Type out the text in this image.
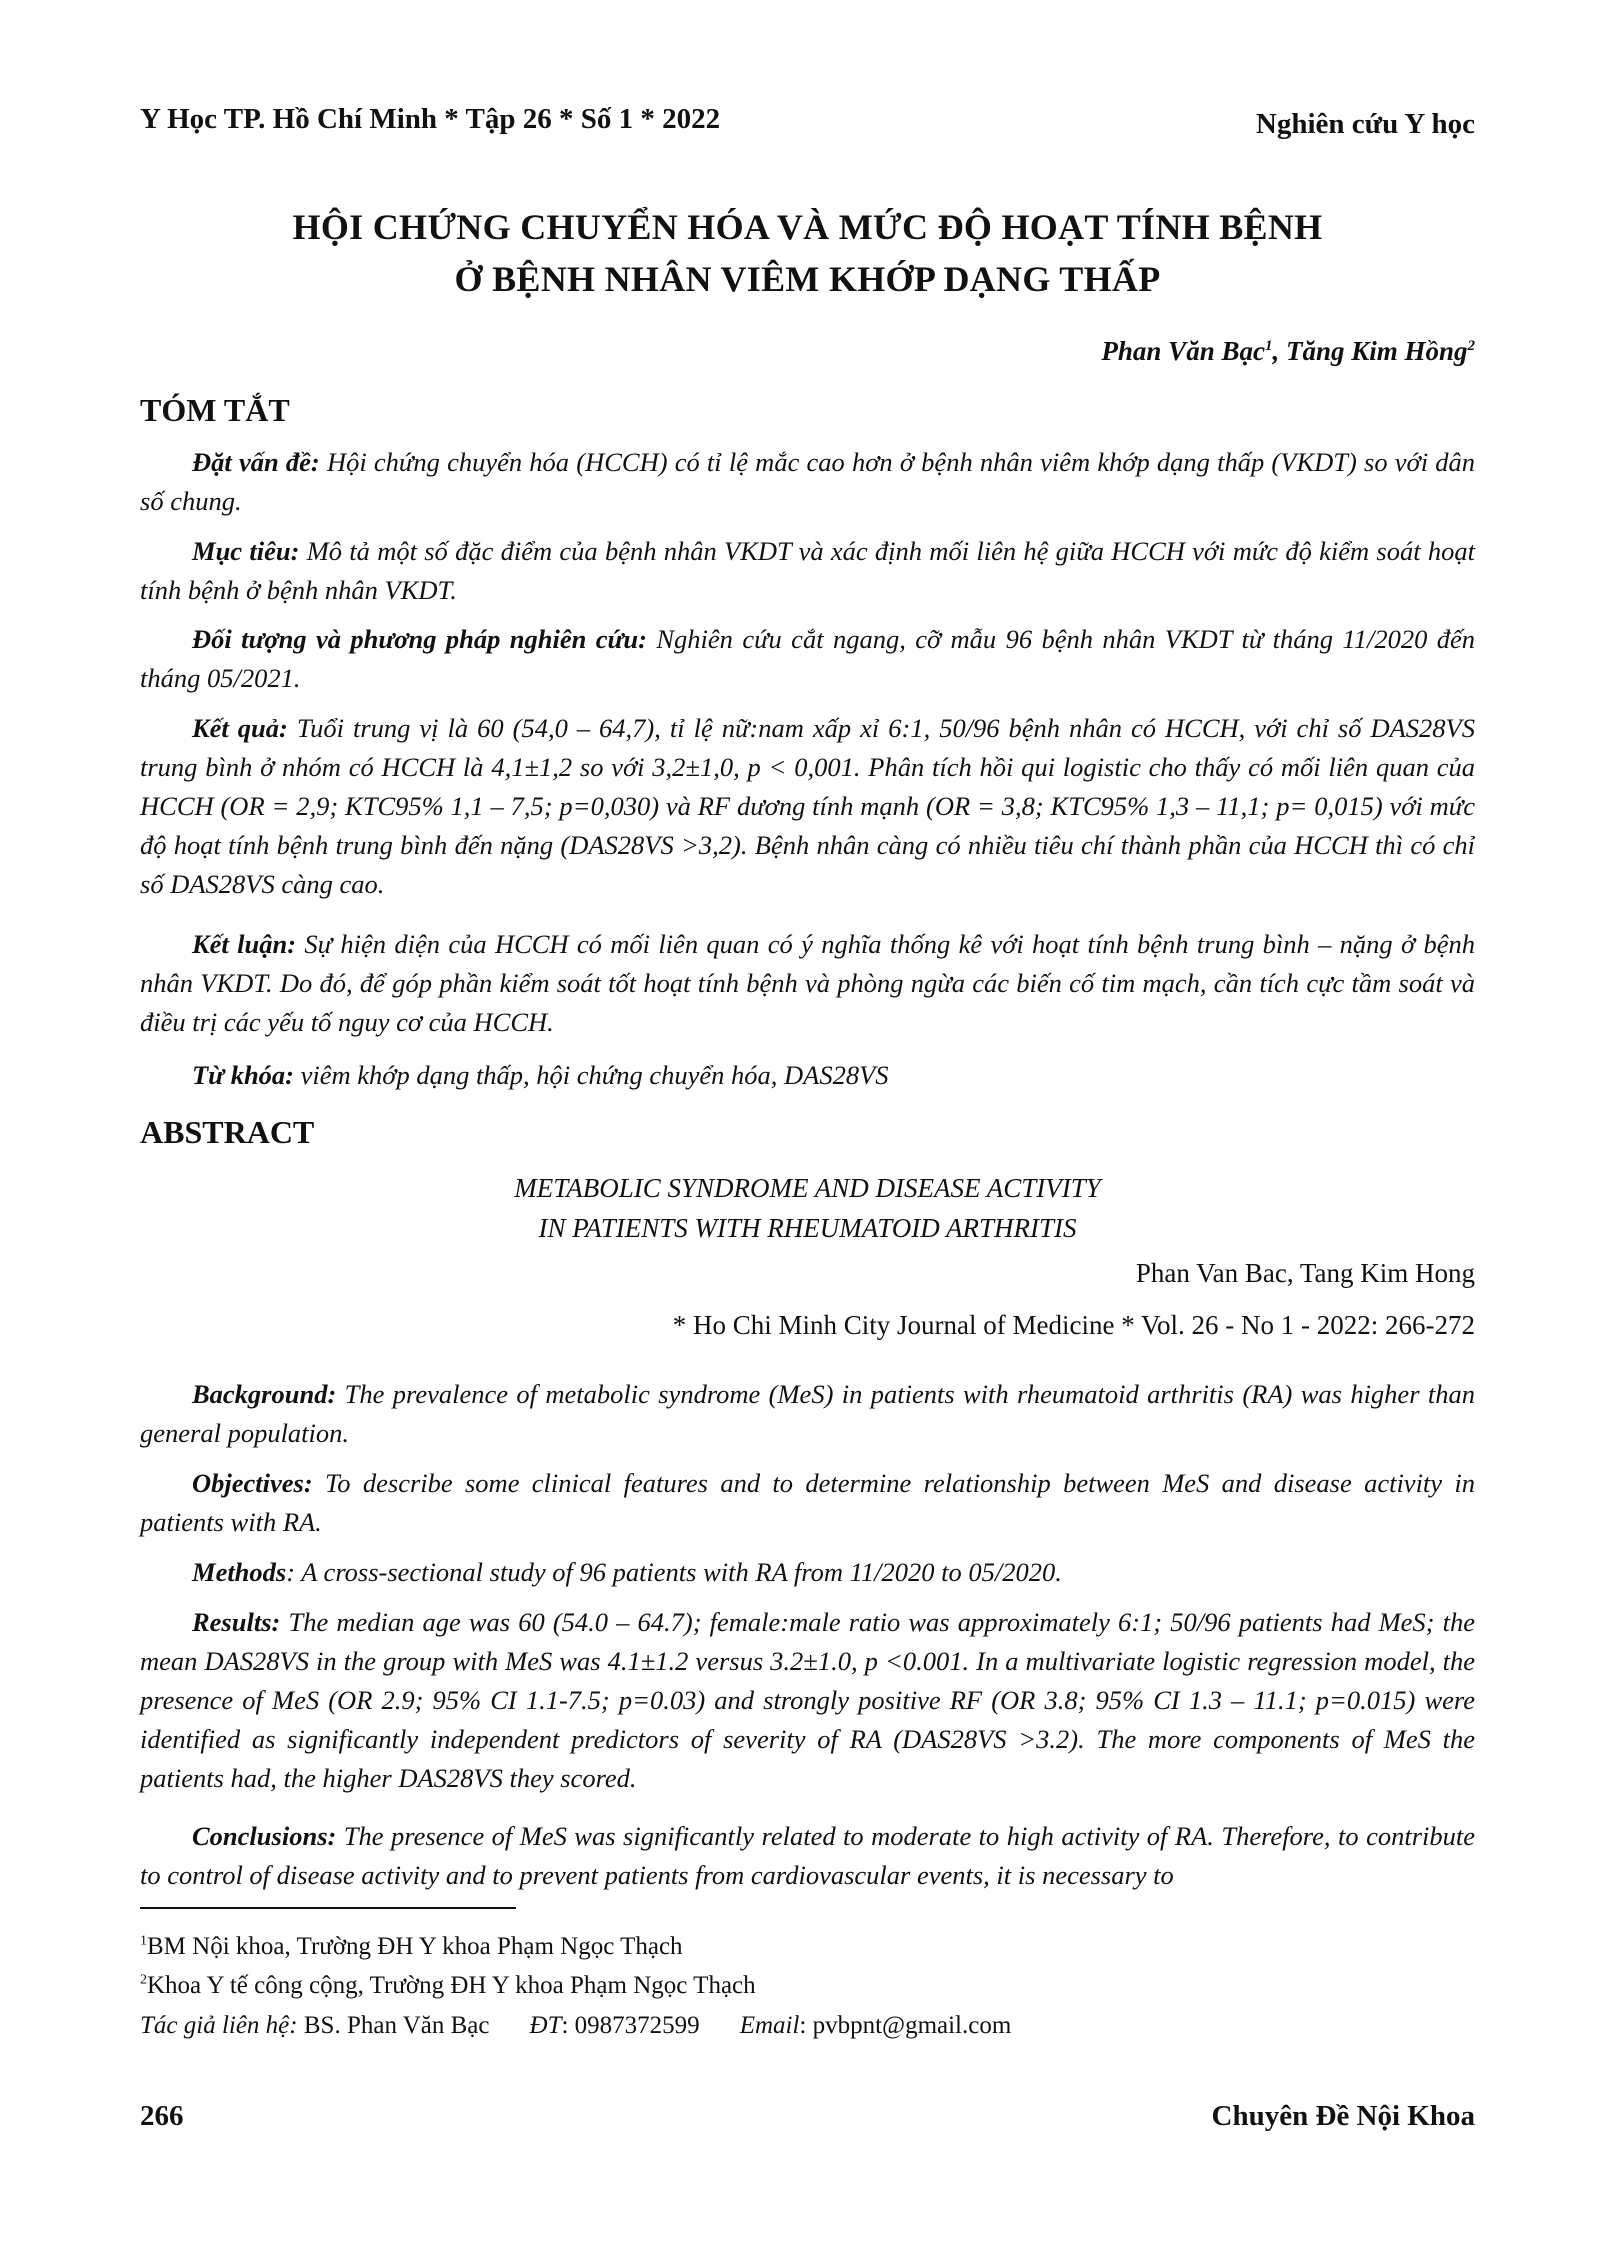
Y Học TP. Hồ Chí Minh * Tập 26 * Số 1 * 2022	Nghiên cứu Y học
HỘI CHỨNG CHUYỂN HÓA VÀ MỨC ĐỘ HOẠT TÍNH BỆNH
Ở BỆNH NHÂN VIÊM KHỚP DẠNG THẤP
Phan Văn Bạc$^1$, Tăng Kim Hồng$^2$
TÓM TẮT

Đặt vấn đề: Hội chứng chuyển hóa (HCCH) có tỉ lệ mắc cao hơn ở bệnh nhân viêm khớp dạng thấp (VKDT) so với dân số chung.

Mục tiêu: Mô tả một số đặc điểm của bệnh nhân VKDT và xác định mối liên hệ giữa HCCH với mức độ kiểm soát hoạt tính bệnh ở bệnh nhân VKDT.

Đối tượng và phương pháp nghiên cứu: Nghiên cứu cắt ngang, cỡ mẫu 96 bệnh nhân VKDT từ tháng 11/2020 đến tháng 05/2021.

Kết quả: Tuổi trung vị là 60 (54,0 – 64,7), tỉ lệ nữ:nam xấp xỉ 6:1, 50/96 bệnh nhân có HCCH, với chỉ số DAS28VS trung bình ở nhóm có HCCH là 4,1±1,2 so với 3,2±1,0, p < 0,001. Phân tích hồi qui logistic cho thấy có mối liên quan của HCCH (OR = 2,9; KTC95% 1,1 – 7,5; p=0,030) và RF dương tính mạnh (OR = 3,8; KTC95% 1,3 – 11,1; p= 0,015) với mức độ hoạt tính bệnh trung bình đến nặng (DAS28VS >3,2). Bệnh nhân càng có nhiều tiêu chí thành phần của HCCH thì có chỉ số DAS28VS càng cao.

Kết luận: Sự hiện diện của HCCH có mối liên quan có ý nghĩa thống kê với hoạt tính bệnh trung bình – nặng ở bệnh nhân VKDT. Do đó, để góp phần kiểm soát tốt hoạt tính bệnh và phòng ngừa các biến cố tim mạch, cần tích cực tầm soát và điều trị các yếu tố nguy cơ của HCCH.

Từ khóa: viêm khớp dạng thấp, hội chứng chuyển hóa, DAS28VS

ABSTRACT
METABOLIC SYNDROME AND DISEASE ACTIVITY
IN PATIENTS WITH RHEUMATOID ARTHRITIS
Phan Van Bac, Tang Kim Hong
* Ho Chi Minh City Journal of Medicine * Vol. 26 - No 1 - 2022: 266-272

Background: The prevalence of metabolic syndrome (MeS) in patients with rheumatoid arthritis (RA) was higher than general population.

Objectives: To describe some clinical features and to determine relationship between MeS and disease activity in patients with RA.

Methods: A cross-sectional study of 96 patients with RA from 11/2020 to 05/2020.

Results: The median age was 60 (54.0 – 64.7); female:male ratio was approximately 6:1; 50/96 patients had MeS; the mean DAS28VS in the group with MeS was 4.1±1.2 versus 3.2±1.0, p <0.001. In a multivariate logistic regression model, the presence of MeS (OR 2.9; 95% CI 1.1-7.5; p=0.03) and strongly positive RF (OR 3.8; 95% CI 1.3 – 11.1; p=0.015) were identified as significantly independent predictors of severity of RA (DAS28VS >3.2). The more components of MeS the patients had, the higher DAS28VS they scored.

Conclusions: The presence of MeS was significantly related to moderate to high activity of RA. Therefore, to contribute to control of disease activity and to prevent patients from cardiovascular events, it is necessary to

$^1$BM Nội khoa, Trường ĐH Y khoa Phạm Ngọc Thạch
$^2$Khoa Y tế công cộng, Trường ĐH Y khoa Phạm Ngọc Thạch
Tác giả liên hệ: BS. Phan Văn Bạc ĐT: 0987372599 Email: pvbpnt@gmail.com
266	Chuyên Đề Nội Khoa
